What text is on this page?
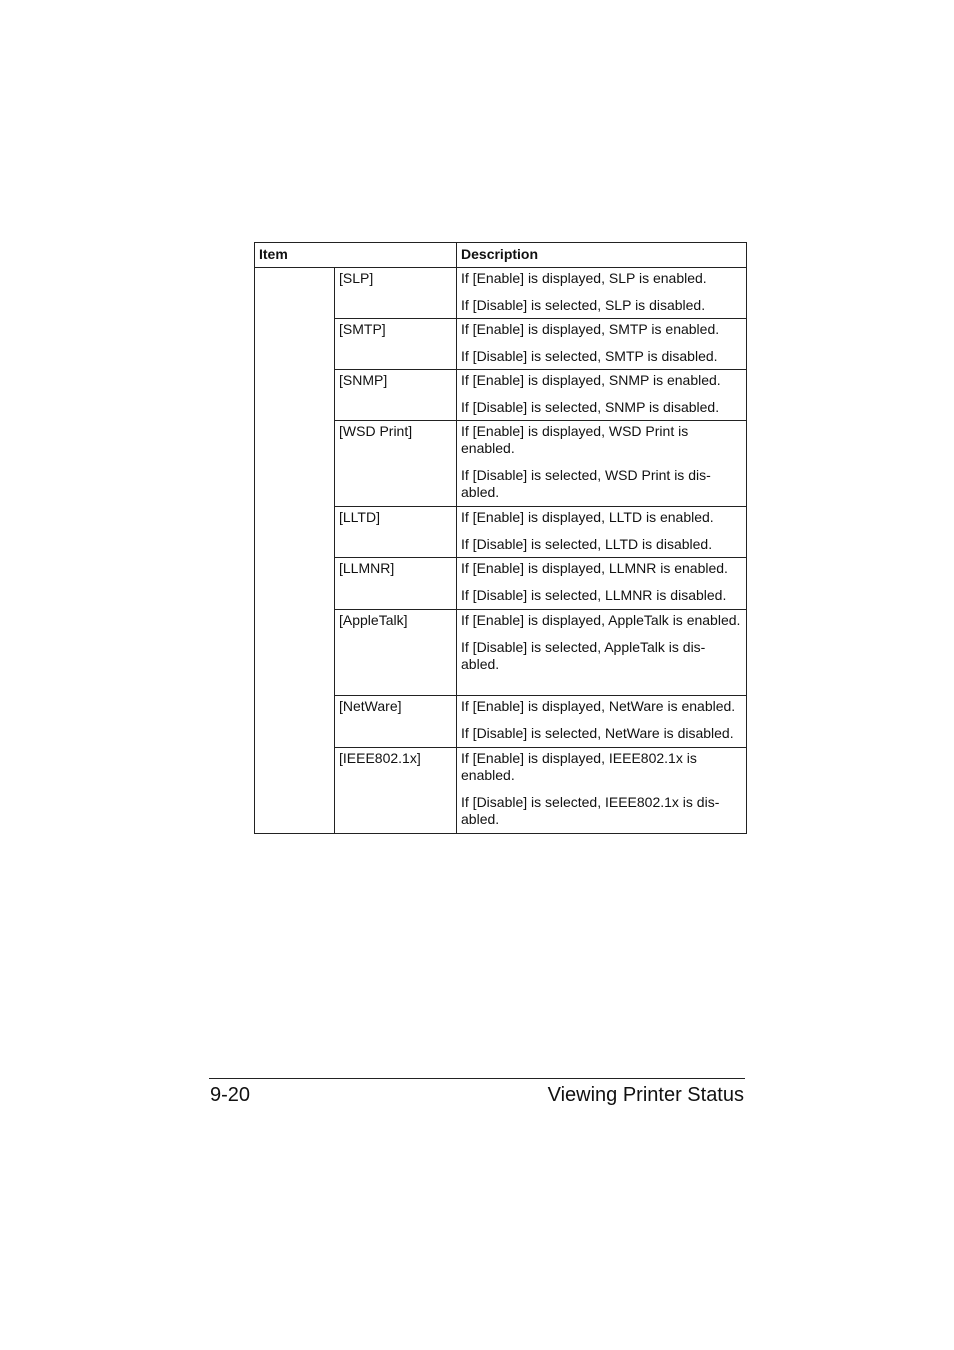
Item		Description
	[SLP]	If [Enable] is displayed, SLP is enabled.

If [Disable] is selected, SLP is disabled.

	[SMTP]	If [Enable] is displayed, SMTP is enabled.

If [Disable] is selected, SMTP is disabled.

	[SNMP]	If [Enable] is displayed, SNMP is enabled.

If [Disable] is selected, SNMP is disabled.

	[WSD Print]	If [Enable] is displayed, WSD Print is enabled.

If [Disable] is selected, WSD Print is dis- abled.

	[LLTD]	If [Enable] is displayed, LLTD is enabled.

If [Disable] is selected, LLTD is disabled.

	[LLMNR]	If [Enable] is displayed, LLMNR is enabled.

If [Disable] is selected, LLMNR is disabled.

	[AppleTalk]	If [Enable] is displayed, AppleTalk is enabled.

If [Disable] is selected, AppleTalk is dis- abled.

	[NetWare]	If [Enable] is displayed, NetWare is enabled.

If [Disable] is selected, NetWare is disabled.

	[IEEE802.1x]	If [Enable] is displayed, IEEE802.1x is enabled.

If [Disable] is selected, IEEE802.1x is dis- abled.

9-20	Viewing Printer Status
